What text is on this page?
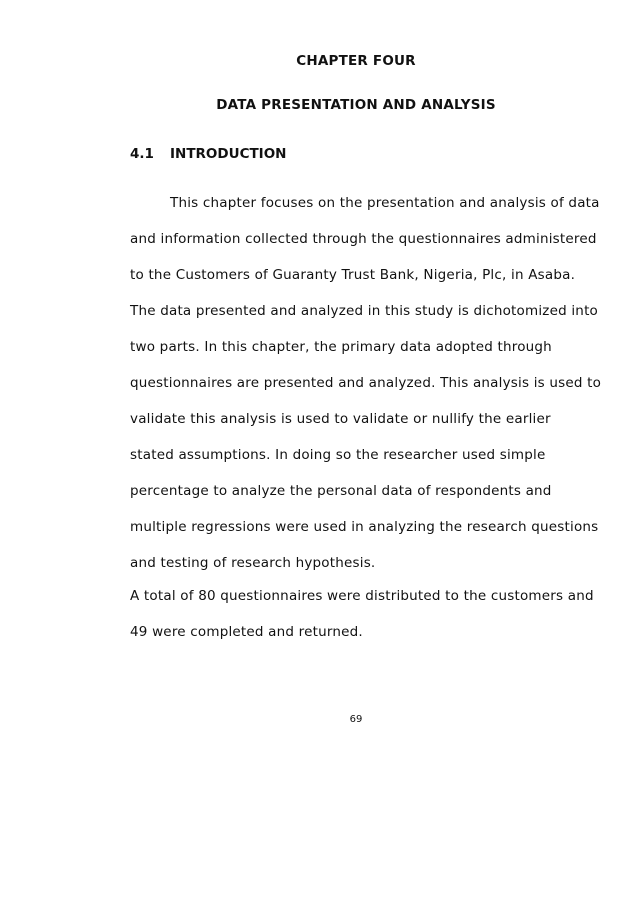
CHAPTER FOUR
DATA PRESENTATION AND ANALYSIS
4.1	INTRODUCTION
This chapter focuses on the presentation and analysis of data
and information collected through the questionnaires administered
to the Customers of Guaranty Trust Bank, Nigeria, Plc, in Asaba.
The data presented and analyzed in this study is dichotomized into
two parts. In this chapter, the primary data adopted through
questionnaires are presented and analyzed. This analysis is used to
validate this analysis is used to validate or nullify the earlier
stated assumptions. In doing so the researcher used simple
percentage to analyze the personal data of respondents and
multiple regressions were used in analyzing the research questions
and testing of research hypothesis.
A total of 80 questionnaires were distributed to the customers and
49 were completed and returned.
69
